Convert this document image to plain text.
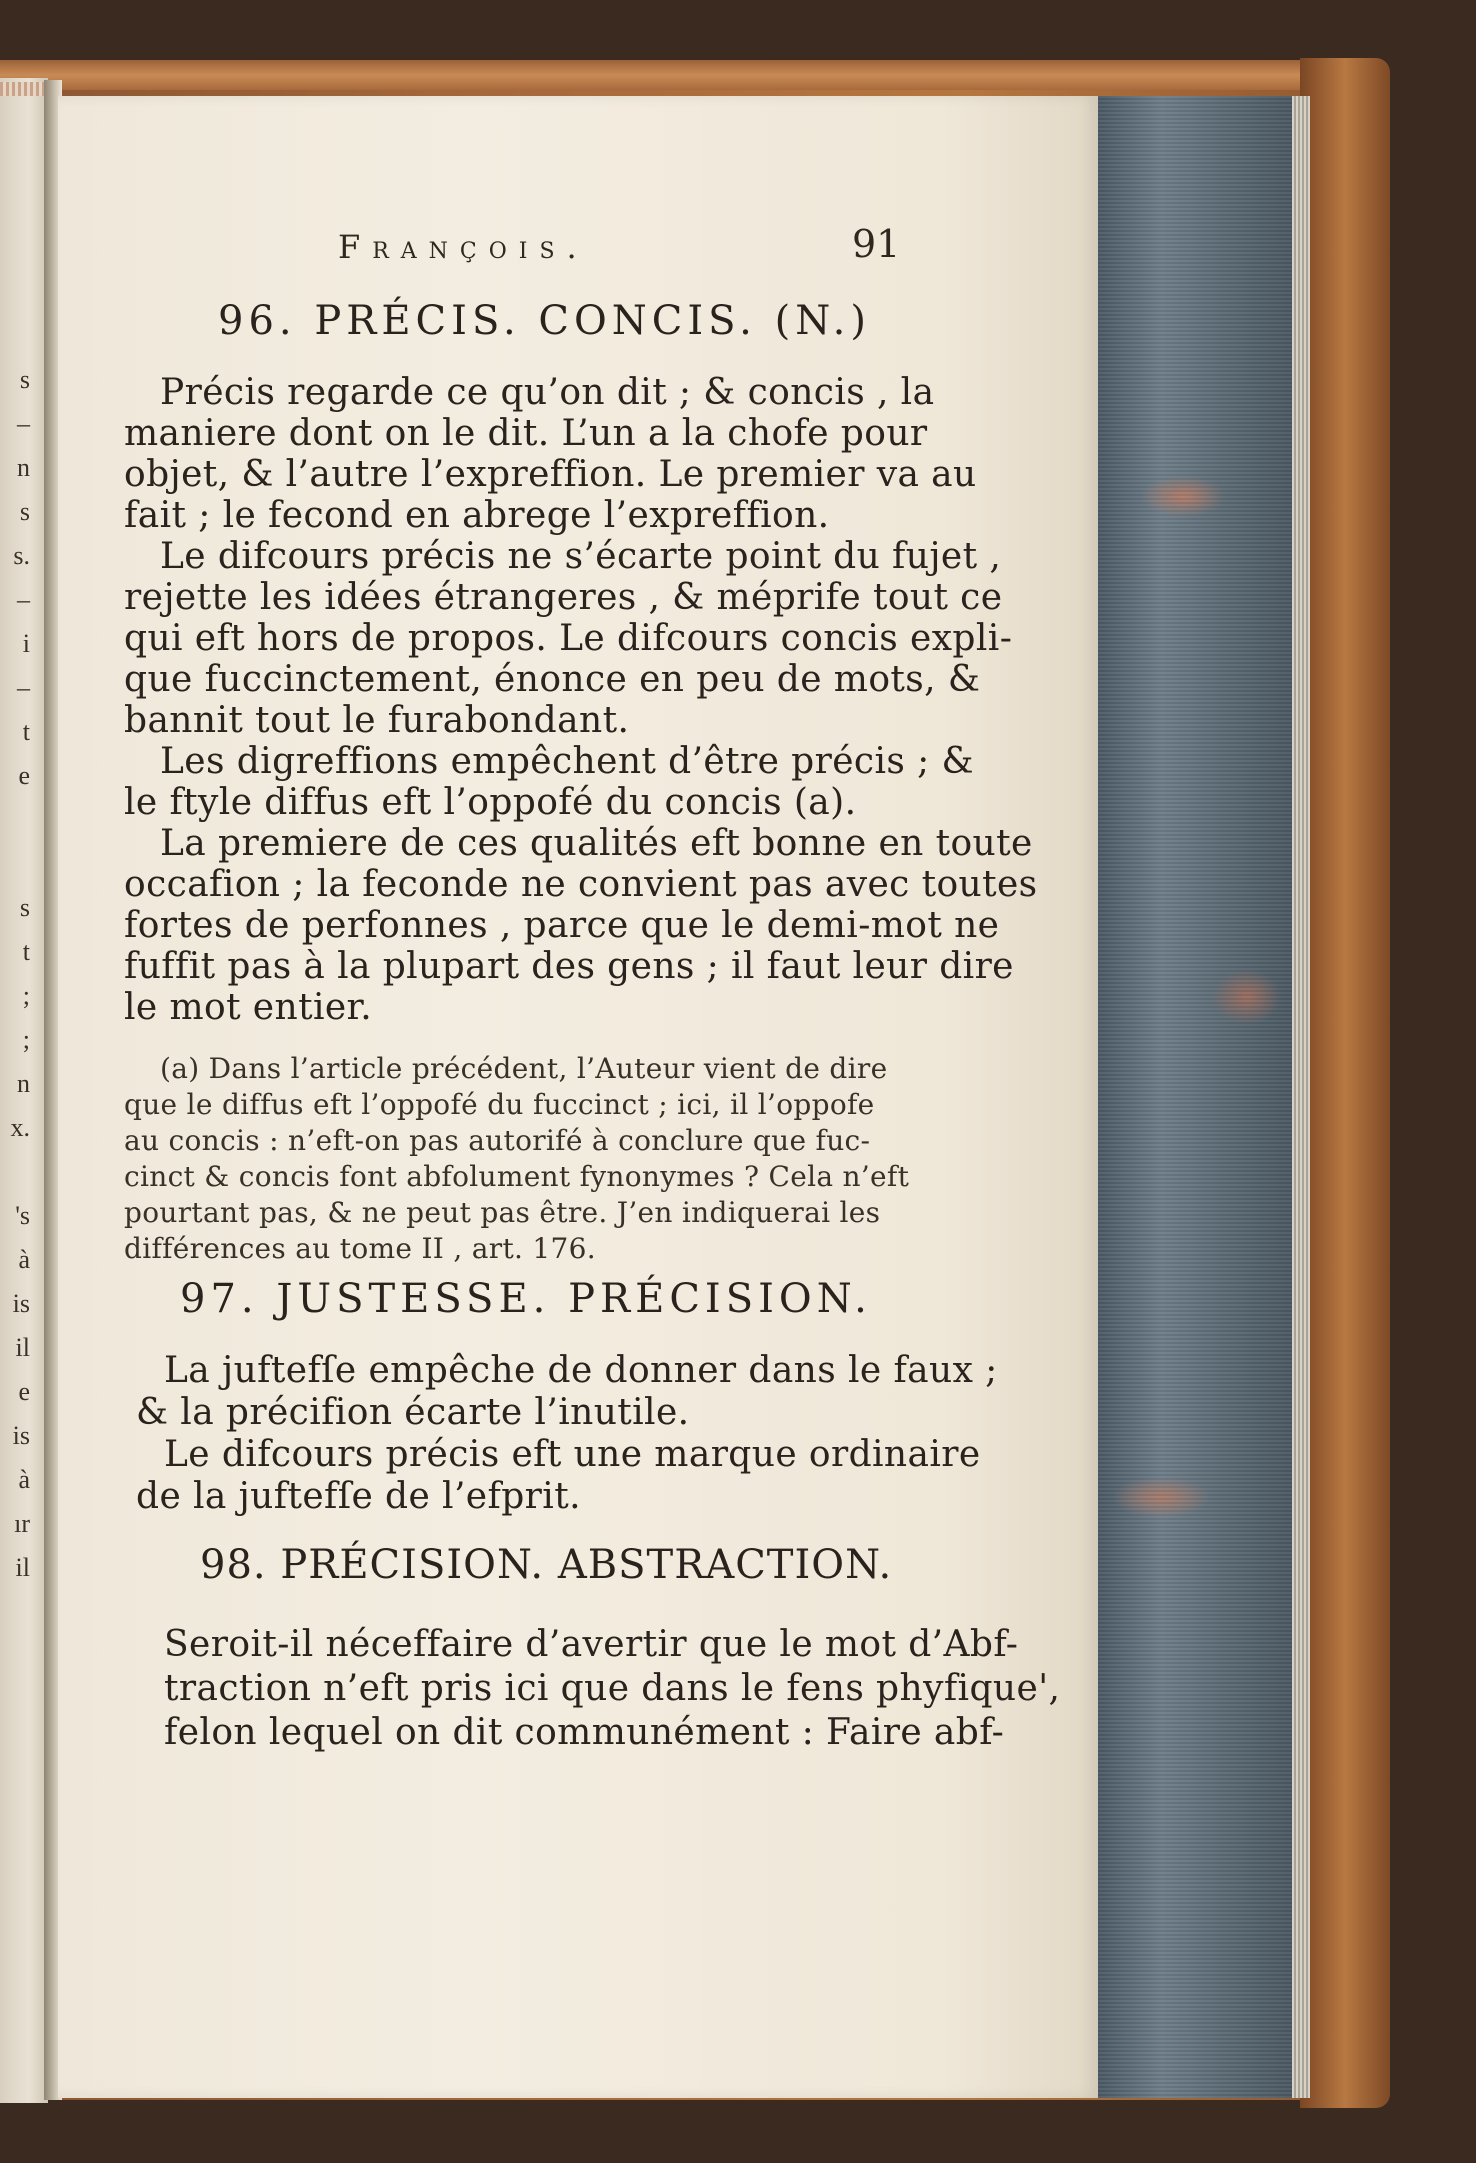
s
–
n
s
s.
–
i
–
t
e

s
t
;
;
n
x.

's
à
is
il
e
is
à
ır
il
François.	91
96. PRÉCIS. CONCIS. (N.)
Précis regarde ce qu’on dit ; & concis , la
maniere dont on le dit. L’un a la chofe pour
objet, & l’autre l’expreffion. Le premier va au
fait ; le fecond en abrege l’expreffion.
Le difcours précis ne s’écarte point du fujet ,
rejette les idées étrangeres , & méprife tout ce
qui eft hors de propos. Le difcours concis expli-
que fuccinctement, énonce en peu de mots, &
bannit tout le furabondant.
Les digreffions empêchent d’être précis ; &
le ftyle diffus eft l’oppofé du concis (a).
La premiere de ces qualités eft bonne en toute
occafion ; la feconde ne convient pas avec toutes
fortes de perfonnes , parce que le demi-mot ne
fuffit pas à la plupart des gens ; il faut leur dire
le mot entier.
(a) Dans l’article précédent, l’Auteur vient de dire
que le diffus eft l’oppofé du fuccinct ; ici, il l’oppofe
au concis : n’eft-on pas autorifé à conclure que fuc-
cinct & concis font abfolument fynonymes ? Cela n’eft
pourtant pas, & ne peut pas être. J’en indiquerai les
différences au tome II , art. 176.
97. JUSTESSE. PRÉCISION.
La juftefſe empêche de donner dans le faux ;
& la précifion écarte l’inutile.
Le difcours précis eft une marque ordinaire
de la juftefſe de l’efprit.
98. PRÉCISION. ABSTRACTION.
Seroit-il néceffaire d’avertir que le mot d’Abf-
traction n’eft pris ici que dans le fens phyfique',
felon lequel on dit communément : Faire abf-
